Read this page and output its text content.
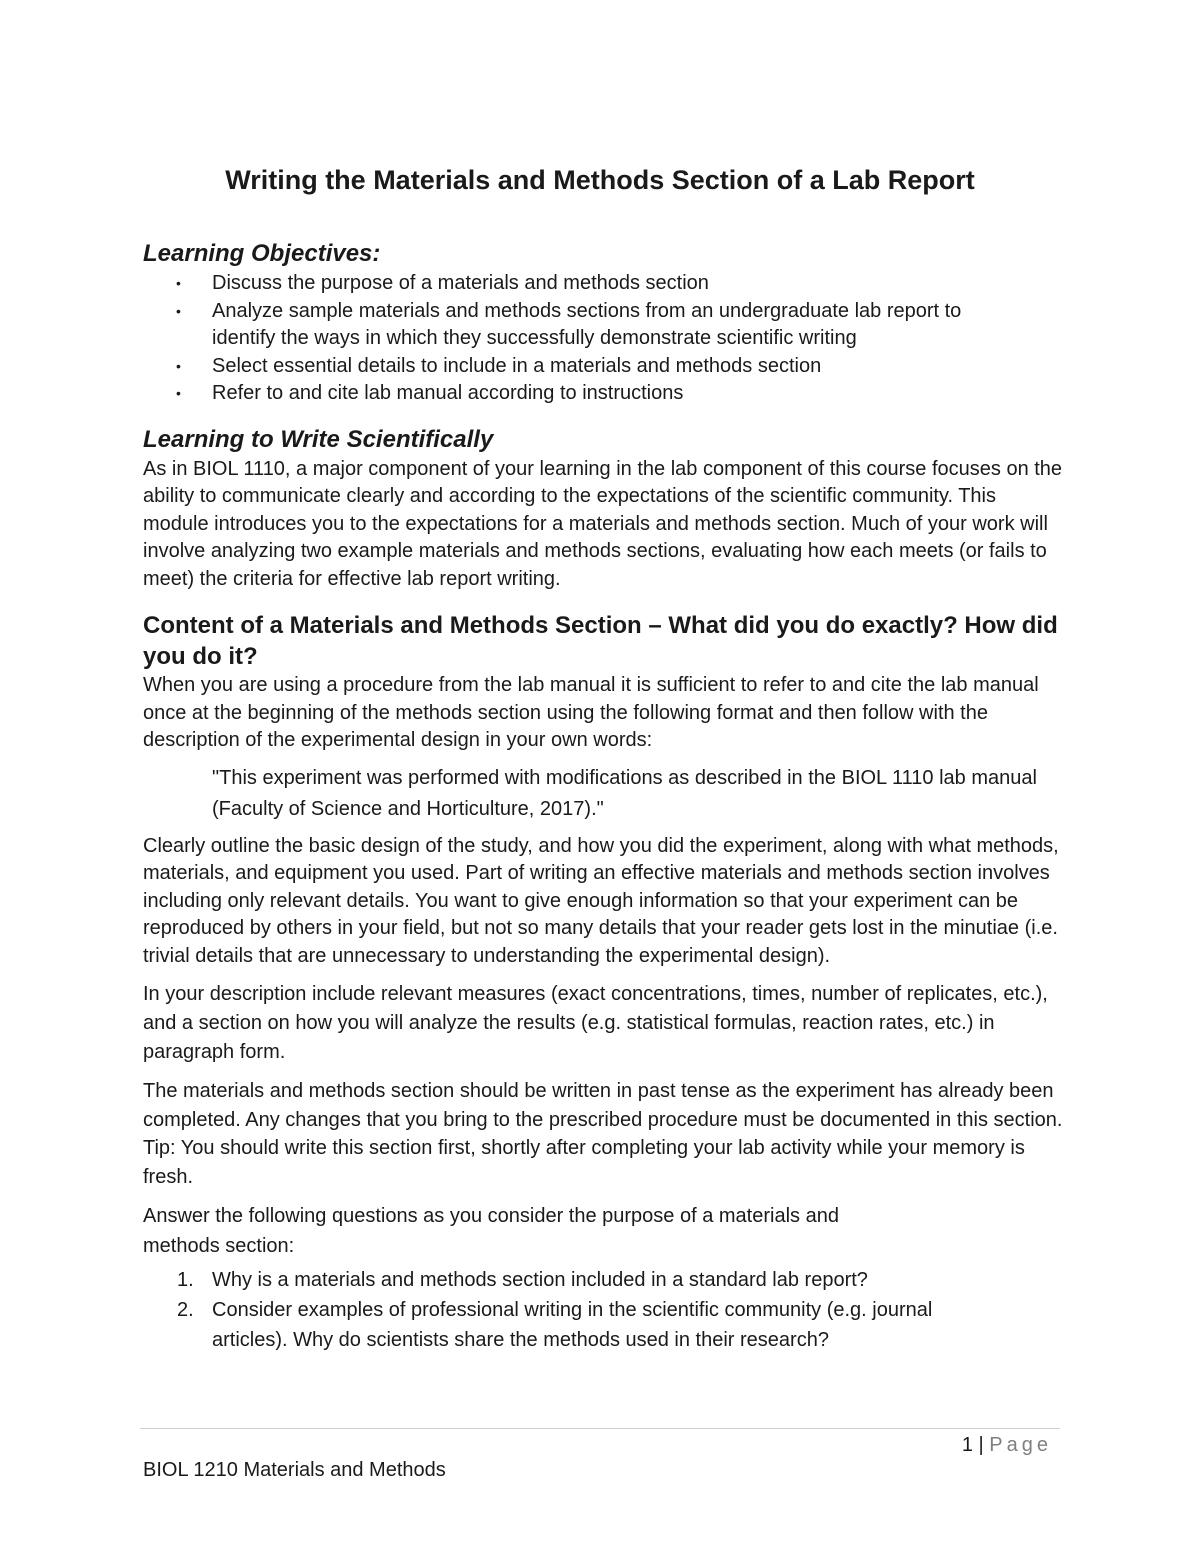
Writing the Materials and Methods Section of a Lab Report
Learning Objectives:
• Discuss the purpose of a materials and methods section
• Analyze sample materials and methods sections from an undergraduate lab report to identify the ways in which they successfully demonstrate scientific writing
• Select essential details to include in a materials and methods section
• Refer to and cite lab manual according to instructions
Learning to Write Scientifically

As in BIOL 1110, a major component of your learning in the lab component of this course focuses on the ability to communicate clearly and according to the expectations of the scientific community. This module introduces you to the expectations for a materials and methods section. Much of your work will involve analyzing two example materials and methods sections, evaluating how each meets (or fails to meet) the criteria for effective lab report writing.

Content of a Materials and Methods Section – What did you do exactly? How did you do it?

When you are using a procedure from the lab manual it is sufficient to refer to and cite the lab manual once at the beginning of the methods section using the following format and then follow with the description of the experimental design in your own words:

"This experiment was performed with modifications as described in the BIOL 1110 lab manual (Faculty of Science and Horticulture, 2017)."

Clearly outline the basic design of the study, and how you did the experiment, along with what methods, materials, and equipment you used. Part of writing an effective materials and methods section involves including only relevant details. You want to give enough information so that your experiment can be reproduced by others in your field, but not so many details that your reader gets lost in the minutiae (i.e. trivial details that are unnecessary to understanding the experimental design).

In your description include relevant measures (exact concentrations, times, number of replicates, etc.), and a section on how you will analyze the results (e.g. statistical formulas, reaction rates, etc.) in paragraph form.

The materials and methods section should be written in past tense as the experiment has already been completed. Any changes that you bring to the prescribed procedure must be documented in this section. Tip: You should write this section first, shortly after completing your lab activity while your memory is fresh.

Answer the following questions as you consider the purpose of a materials and methods section:

1. Why is a materials and methods section included in a standard lab report?
2. Consider examples of professional writing in the scientific community (e.g. journal articles). Why do scientists share the methods used in their research?
1 | Page
BIOL 1210 Materials and Methods
